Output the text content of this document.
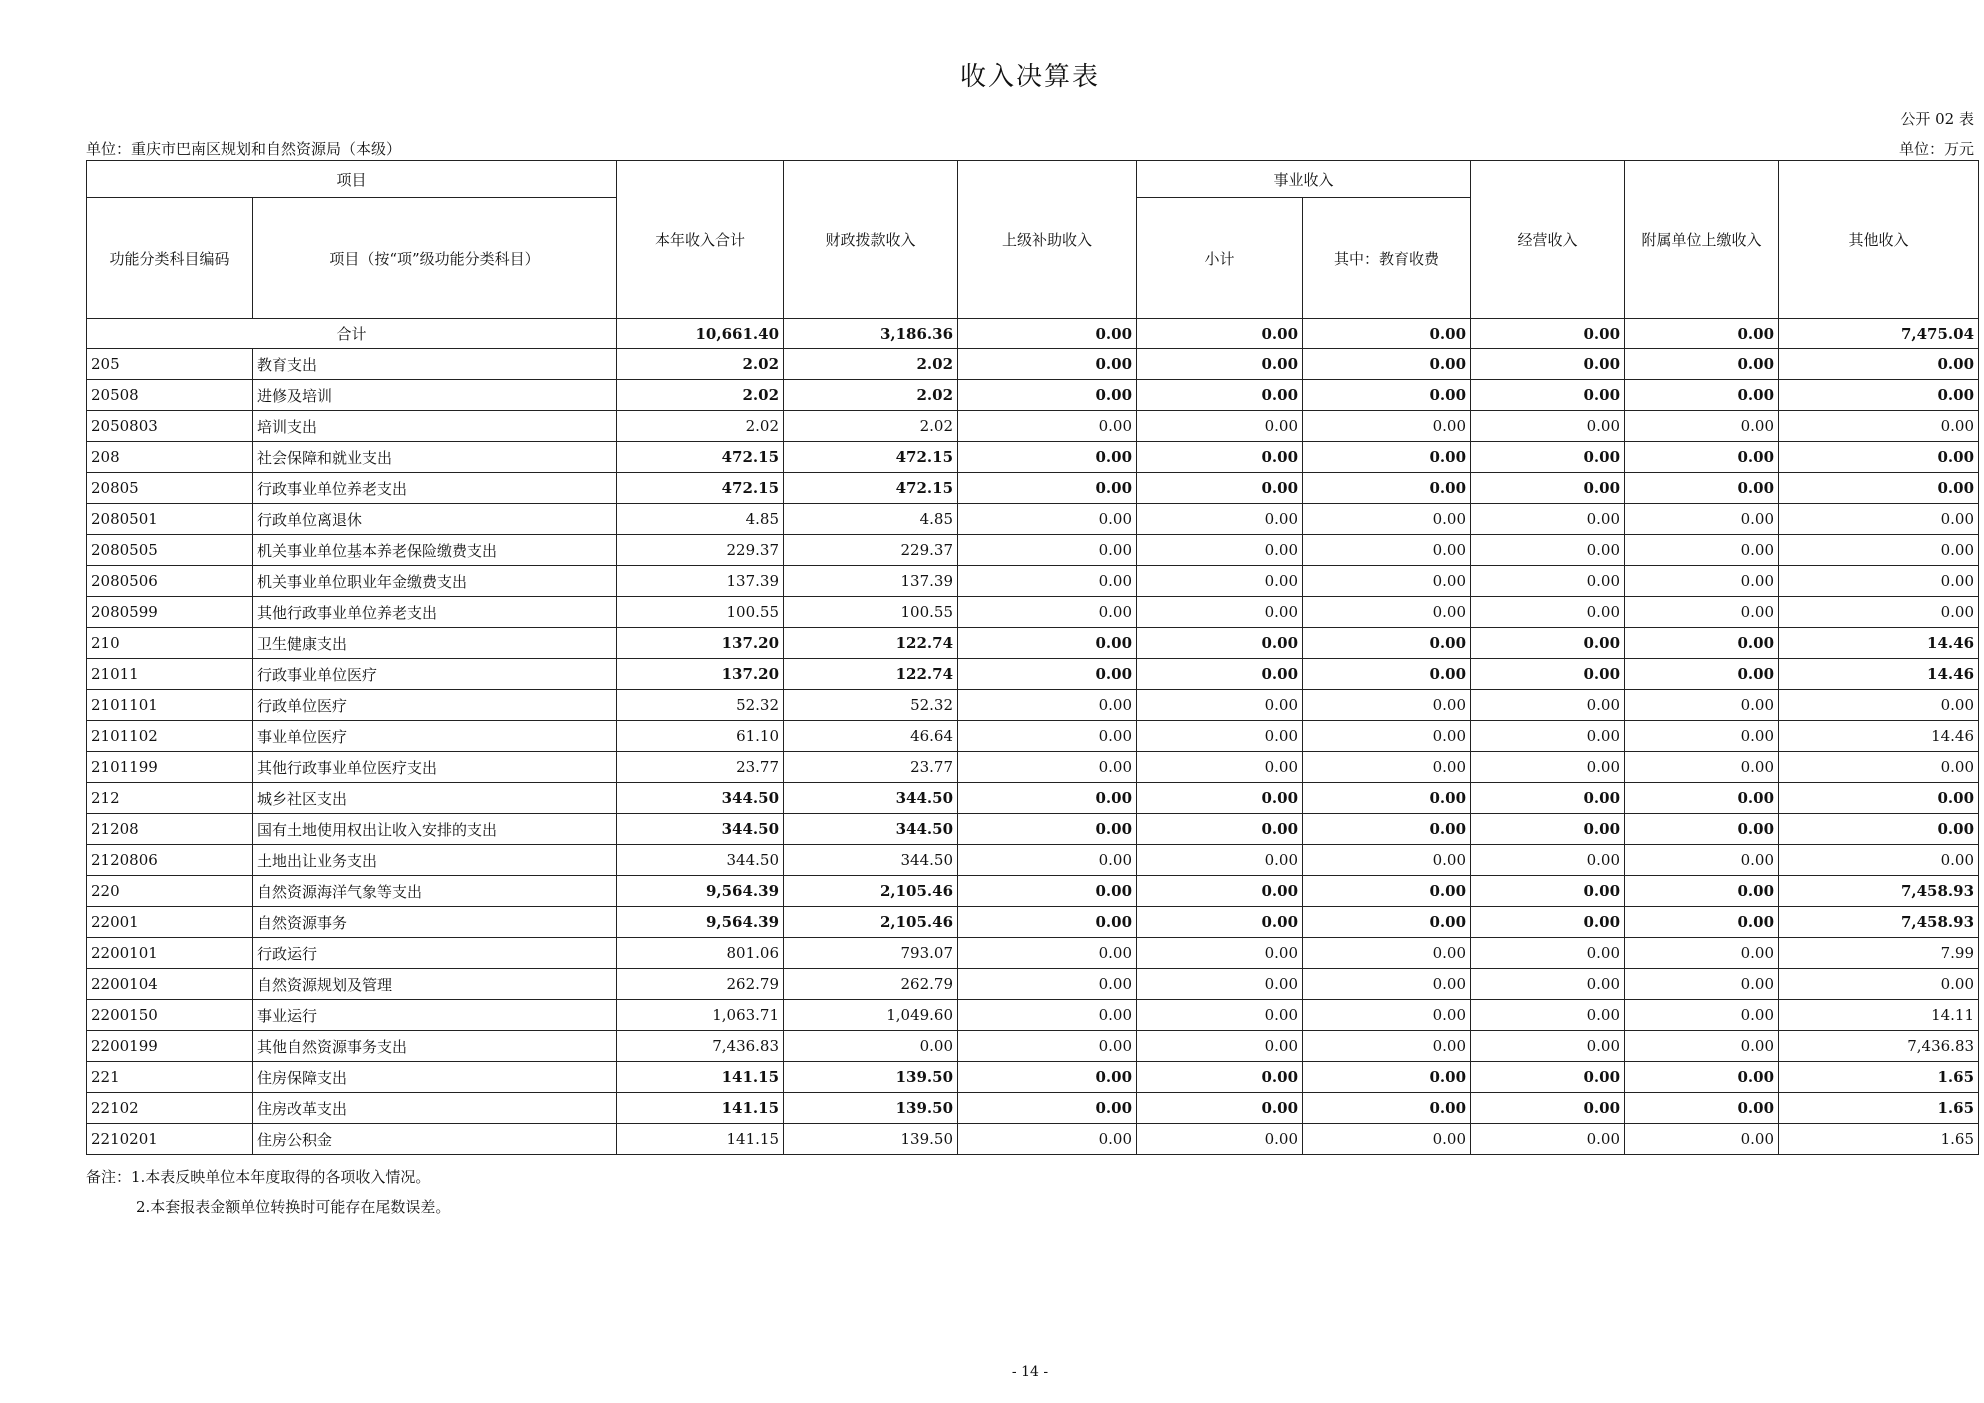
收入决算表
公开 02 表
单位：重庆市巴南区规划和自然资源局（本级）	单位：万元
项目		本年收入合计	财政拨款收入	上级补助收入	事业收入		经营收入	附属单位上缴收入	其他收入
功能分类科目编码	项目（按“项”级功能分类科目）				小计	其中：教育收费			
合计		10,661.40	3,186.36	0.00	0.00	0.00	0.00	0.00	7,475.04
205	教育支出	2.02	2.02	0.00	0.00	0.00	0.00	0.00	0.00
20508	进修及培训	2.02	2.02	0.00	0.00	0.00	0.00	0.00	0.00
2050803	培训支出	2.02	2.02	0.00	0.00	0.00	0.00	0.00	0.00
208	社会保障和就业支出	472.15	472.15	0.00	0.00	0.00	0.00	0.00	0.00
20805	行政事业单位养老支出	472.15	472.15	0.00	0.00	0.00	0.00	0.00	0.00
2080501	行政单位离退休	4.85	4.85	0.00	0.00	0.00	0.00	0.00	0.00
2080505	机关事业单位基本养老保险缴费支出	229.37	229.37	0.00	0.00	0.00	0.00	0.00	0.00
2080506	机关事业单位职业年金缴费支出	137.39	137.39	0.00	0.00	0.00	0.00	0.00	0.00
2080599	其他行政事业单位养老支出	100.55	100.55	0.00	0.00	0.00	0.00	0.00	0.00
210	卫生健康支出	137.20	122.74	0.00	0.00	0.00	0.00	0.00	14.46
21011	行政事业单位医疗	137.20	122.74	0.00	0.00	0.00	0.00	0.00	14.46
2101101	行政单位医疗	52.32	52.32	0.00	0.00	0.00	0.00	0.00	0.00
2101102	事业单位医疗	61.10	46.64	0.00	0.00	0.00	0.00	0.00	14.46
2101199	其他行政事业单位医疗支出	23.77	23.77	0.00	0.00	0.00	0.00	0.00	0.00
212	城乡社区支出	344.50	344.50	0.00	0.00	0.00	0.00	0.00	0.00
21208	国有土地使用权出让收入安排的支出	344.50	344.50	0.00	0.00	0.00	0.00	0.00	0.00
2120806	土地出让业务支出	344.50	344.50	0.00	0.00	0.00	0.00	0.00	0.00
220	自然资源海洋气象等支出	9,564.39	2,105.46	0.00	0.00	0.00	0.00	0.00	7,458.93
22001	自然资源事务	9,564.39	2,105.46	0.00	0.00	0.00	0.00	0.00	7,458.93
2200101	行政运行	801.06	793.07	0.00	0.00	0.00	0.00	0.00	7.99
2200104	自然资源规划及管理	262.79	262.79	0.00	0.00	0.00	0.00	0.00	0.00
2200150	事业运行	1,063.71	1,049.60	0.00	0.00	0.00	0.00	0.00	14.11
2200199	其他自然资源事务支出	7,436.83	0.00	0.00	0.00	0.00	0.00	0.00	7,436.83
221	住房保障支出	141.15	139.50	0.00	0.00	0.00	0.00	0.00	1.65
22102	住房改革支出	141.15	139.50	0.00	0.00	0.00	0.00	0.00	1.65
2210201	住房公积金	141.15	139.50	0.00	0.00	0.00	0.00	0.00	1.65
备注：1.本表反映单位本年度取得的各项收入情况。
2.本套报表金额单位转换时可能存在尾数误差。
- 14 -
